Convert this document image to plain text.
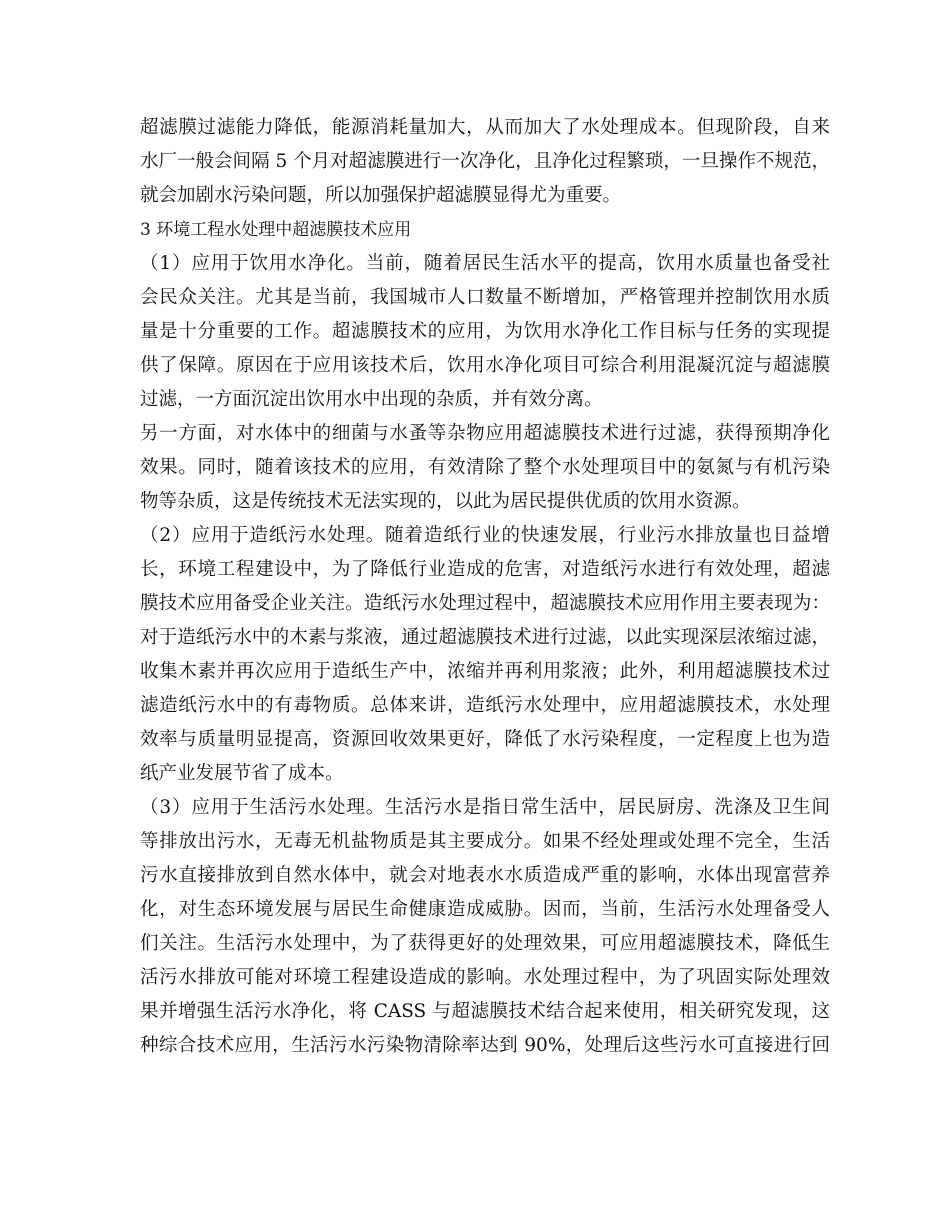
超滤膜过滤能力降低，能源消耗量加大，从而加大了水处理成本。但现阶段，自来
水厂一般会间隔 5 个月对超滤膜进行一次净化，且净化过程繁琐，一旦操作不规范，
就会加剧水污染问题，所以加强保护超滤膜显得尤为重要。
3 环境工程水处理中超滤膜技术应用
（1）应用于饮用水净化。当前，随着居民生活水平的提高，饮用水质量也备受社
会民众关注。尤其是当前，我国城市人口数量不断增加，严格管理并控制饮用水质
量是十分重要的工作。超滤膜技术的应用，为饮用水净化工作目标与任务的实现提
供了保障。原因在于应用该技术后，饮用水净化项目可综合利用混凝沉淀与超滤膜
过滤，一方面沉淀出饮用水中出现的杂质，并有效分离。
另一方面，对水体中的细菌与水蚤等杂物应用超滤膜技术进行过滤，获得预期净化
效果。同时，随着该技术的应用，有效清除了整个水处理项目中的氨氮与有机污染
物等杂质，这是传统技术无法实现的，以此为居民提供优质的饮用水资源。
（2）应用于造纸污水处理。随着造纸行业的快速发展，行业污水排放量也日益增
长，环境工程建设中，为了降低行业造成的危害，对造纸污水进行有效处理，超滤
膜技术应用备受企业关注。造纸污水处理过程中，超滤膜技术应用作用主要表现为：
对于造纸污水中的木素与浆液，通过超滤膜技术进行过滤，以此实现深层浓缩过滤，
收集木素并再次应用于造纸生产中，浓缩并再利用浆液；此外，利用超滤膜技术过
滤造纸污水中的有毒物质。总体来讲，造纸污水处理中，应用超滤膜技术，水处理
效率与质量明显提高，资源回收效果更好，降低了水污染程度，一定程度上也为造
纸产业发展节省了成本。
（3）应用于生活污水处理。生活污水是指日常生活中，居民厨房、洗涤及卫生间
等排放出污水，无毒无机盐物质是其主要成分。如果不经处理或处理不完全，生活
污水直接排放到自然水体中，就会对地表水水质造成严重的影响，水体出现富营养
化，对生态环境发展与居民生命健康造成威胁。因而，当前，生活污水处理备受人
们关注。生活污水处理中，为了获得更好的处理效果，可应用超滤膜技术，降低生
活污水排放可能对环境工程建设造成的影响。水处理过程中，为了巩固实际处理效
果并增强生活污水净化，将 CASS 与超滤膜技术结合起来使用，相关研究发现，这
种综合技术应用，生活污水污染物清除率达到 90%，处理后这些污水可直接进行回
